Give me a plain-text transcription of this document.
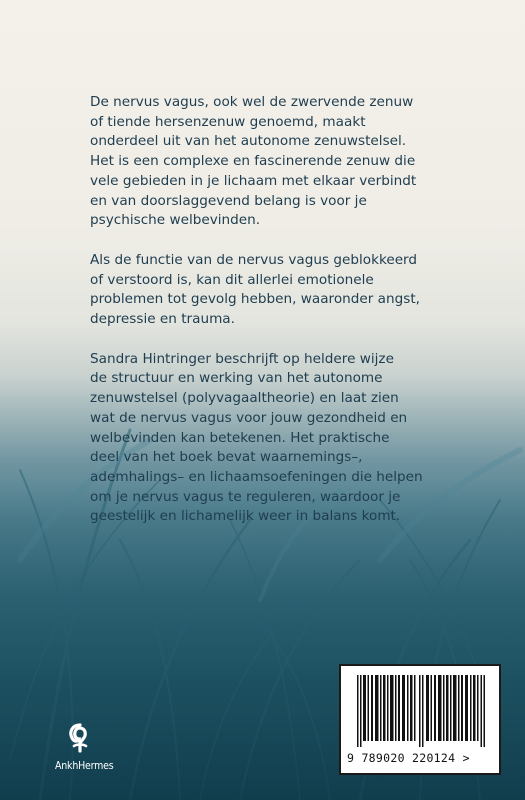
De nervus vagus, ook wel de zwervende zenuw
of tiende hersenzenuw genoemd, maakt
onderdeel uit van het autonome zenuwstelsel.
Het is een complexe en fascinerende zenuw die
vele gebieden in je lichaam met elkaar verbindt
en van doorslaggevend belang is voor je
psychische welbevinden.

Als de functie van de nervus vagus geblokkeerd
of verstoord is, kan dit allerlei emotionele
problemen tot gevolg hebben, waaronder angst,
depressie en trauma.

Sandra Hintringer beschrijft op heldere wijze
de structuur en werking van het autonome
zenuwstelsel (polyvagaaltheorie) en laat zien
wat de nervus vagus voor jouw gezondheid en
welbevinden kan betekenen. Het praktische
deel van het boek bevat waarnemings–,
ademhalings– en lichaamsoefeningen die helpen
om je nervus vagus te reguleren, waardoor je
geestelijk en lichamelijk weer in balans komt.

AnkhHermes
9 789020 220124 >
